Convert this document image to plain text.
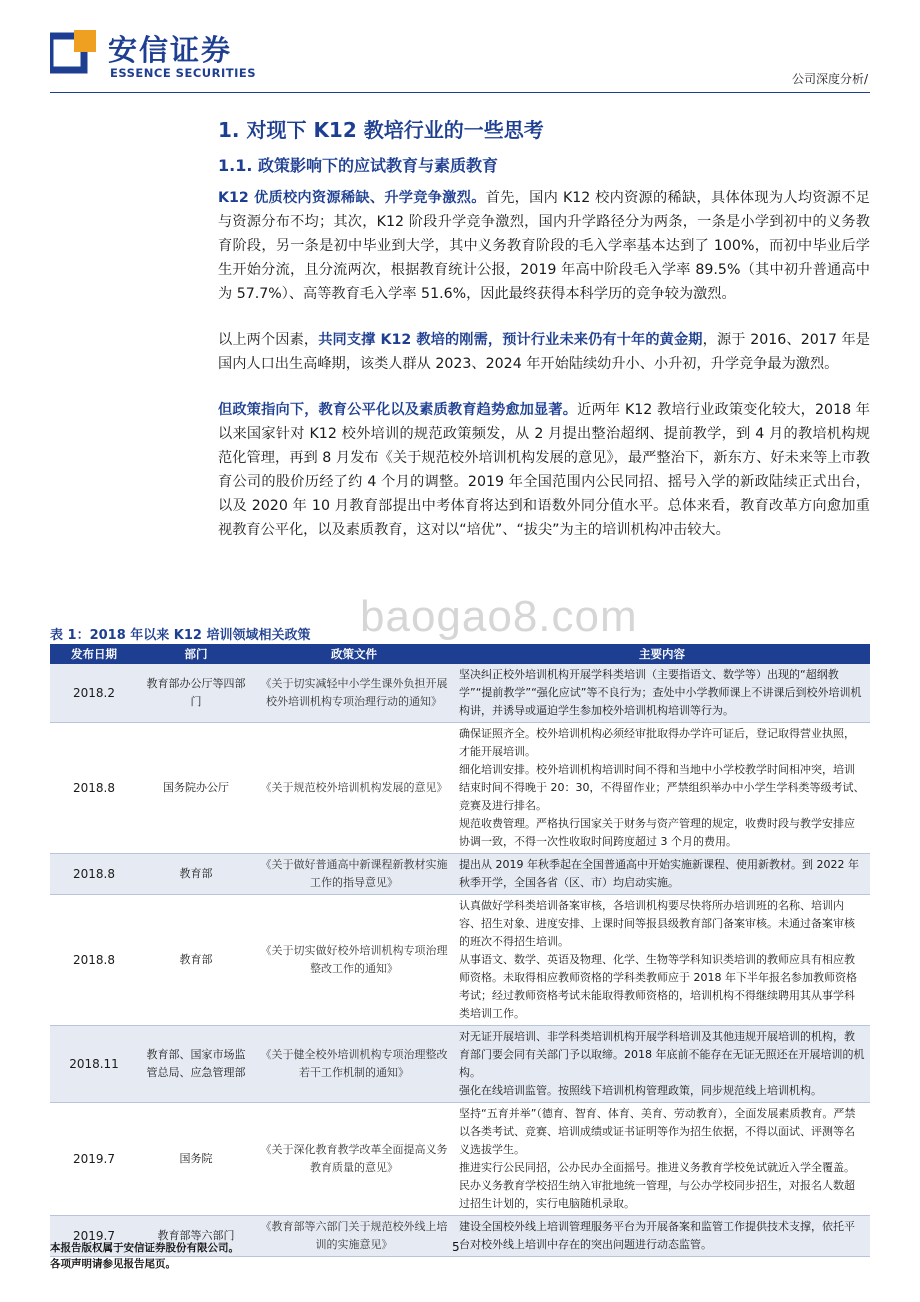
安信证券
ESSENCE SECURITIES	公司深度分析/
1. 对现下 K12 教培行业的一些思考
1.1. 政策影响下的应试教育与素质教育

K12 优质校内资源稀缺、升学竞争激烈。首先，国内 K12 校内资源的稀缺，具体体现为人均资源不足与资源分布不均；其次，K12 阶段升学竞争激烈，国内升学路径分为两条，一条是小学到初中的义务教育阶段，另一条是初中毕业到大学，其中义务教育阶段的毛入学率基本达到了 100%，而初中毕业后学生开始分流，且分流两次，根据教育统计公报，2019 年高中阶段毛入学率 89.5%（其中初升普通高中为 57.7%）、高等教育毛入学率 51.6%，因此最终获得本科学历的竞争较为激烈。

以上两个因素，共同支撑 K12 教培的刚需，预计行业未来仍有十年的黄金期，源于 2016、2017 年是国内人口出生高峰期，该类人群从 2023、2024 年开始陆续幼升小、小升初，升学竞争最为激烈。

但政策指向下，教育公平化以及素质教育趋势愈加显著。近两年 K12 教培行业政策变化较大，2018 年以来国家针对 K12 校外培训的规范政策频发，从 2 月提出整治超纲、提前教学，到 4 月的教培机构规范化管理，再到 8 月发布《关于规范校外培训机构发展的意见》，最严整治下，新东方、好未来等上市教育公司的股价历经了约 4 个月的调整。2019 年全国范围内公民同招、摇号入学的新政陆续正式出台，以及 2020 年 10 月教育部提出中考体育将达到和语数外同分值水平。总体来看，教育改革方向愈加重视教育公平化，以及素质教育，这对以“培优”、“拔尖”为主的培训机构冲击较大。

baogao8.com
表 1：2018 年以来 K12 培训领域相关政策
发布日期	部门	政策文件	主要内容
2018.2	教育部办公厅等四部门	《关于切实减轻中小学生课外负担开展校外培训机构专项治理行动的通知》	坚决纠正校外培训机构开展学科类培训（主要指语文、数学等）出现的“超纲教学”“提前教学”“强化应试”等不良行为；查处中小学教师课上不讲课后到校外培训机构讲，并诱导或逼迫学生参加校外培训机构培训等行为。

2018.8	国务院办公厅	《关于规范校外培训机构发展的意见》	确保证照齐全。校外培训机构必须经审批取得办学许可证后，登记取得营业执照，才能开展培训。
细化培训安排。校外培训机构培训时间不得和当地中小学校教学时间相冲突，培训结束时间不得晚于 20：30，不得留作业；严禁组织举办中小学生学科类等级考试、竞赛及进行排名。
规范收费管理。严格执行国家关于财务与资产管理的规定，收费时段与教学安排应协调一致，不得一次性收取时间跨度超过 3 个月的费用。

2018.8	教育部	《关于做好普通高中新课程新教材实施工作的指导意见》	提出从 2019 年秋季起在全国普通高中开始实施新课程、使用新教材。到 2022 年秋季开学，全国各省（区、市）均启动实施。

2018.8	教育部	《关于切实做好校外培训机构专项治理整改工作的通知》	认真做好学科类培训备案审核，各培训机构要尽快将所办培训班的名称、培训内容、招生对象、进度安排、上课时间等报县级教育部门备案审核。未通过备案审核的班次不得招生培训。
从事语文、数学、英语及物理、化学、生物等学科知识类培训的教师应具有相应教师资格。未取得相应教师资格的学科类教师应于 2018 年下半年报名参加教师资格考试；经过教师资格考试未能取得教师资格的，培训机构不得继续聘用其从事学科类培训工作。

2018.11	教育部、国家市场监管总局、应急管理部	《关于健全校外培训机构专项治理整改若干工作机制的通知》	对无证开展培训、非学科类培训机构开展学科培训及其他违规开展培训的机构，教育部门要会同有关部门予以取缔。2018 年底前不能存在无证无照还在开展培训的机构。
强化在线培训监管。按照线下培训机构管理政策，同步规范线上培训机构。

2019.7	国务院	《关于深化教育教学改革全面提高义务教育质量的意见》	坚持“五育并举”（德育、智育、体育、美育、劳动教育），全面发展素质教育。严禁以各类考试、竞赛、培训成绩或证书证明等作为招生依据，不得以面试、评测等名义选拔学生。
推进实行公民同招，公办民办全面摇号。推进义务教育学校免试就近入学全覆盖。民办义务教育学校招生纳入审批地统一管理，与公办学校同步招生，对报名人数超过招生计划的，实行电脑随机录取。

2019.7	教育部等六部门	《教育部等六部门关于规范校外线上培训的实施意见》	建设全国校外线上培训管理服务平台为开展备案和监管工作提供技术支撑，依托平台对校外线上培训中存在的突出问题进行动态监管。
本报告版权属于安信证券股份有限公司。
各项声明请参见报告尾页。
5
